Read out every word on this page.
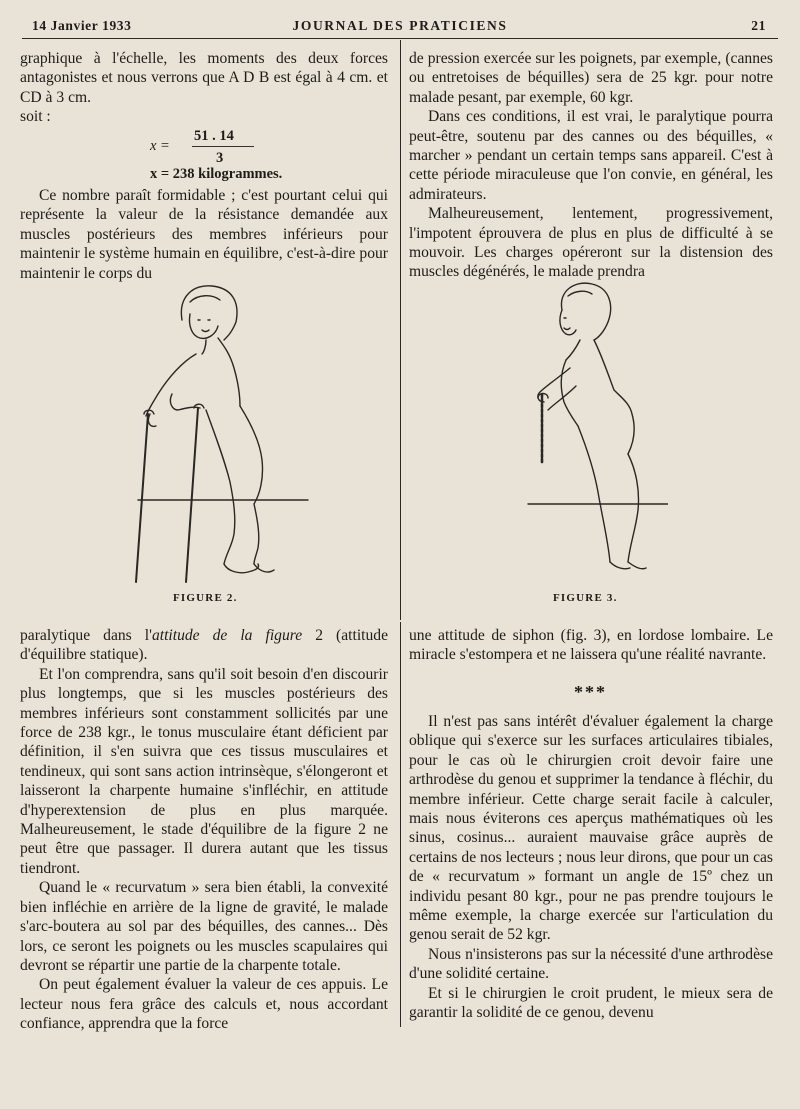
14 Janvier 1933	JOURNAL DES PRATICIENS	21

graphique à l'échelle, les moments des deux forces antagonistes et nous verrons que A D B est égal à 4 cm. et CD à 3 cm.

soit :

51 . 14
x =
3
x = 238 kilogrammes.

Ce nombre paraît formidable ; c'est pourtant celui qui représente la valeur de la résistance demandée aux muscles postérieurs des membres inférieurs pour maintenir le système humain en équilibre, c'est-à-dire pour maintenir le corps du

de pression exercée sur les poignets, par exemple, (cannes ou entretoises de béquilles) sera de 25 kgr. pour notre malade pesant, par exemple, 60 kgr.

Dans ces conditions, il est vrai, le paralytique pourra peut-être, soutenu par des cannes ou des béquilles, « marcher » pendant un certain temps sans appareil. C'est à cette période miraculeuse que l'on convie, en général, les admirateurs.

Malheureusement, lentement, progressivement, l'impotent éprouvera de plus en plus de difficulté à se mouvoir. Les charges opéreront sur la distension des muscles dégénérés, le malade prendra

FIGURE 2.	FIGURE 3.

paralytique dans l'attitude de la figure 2 (attitude d'équilibre statique).

Et l'on comprendra, sans qu'il soit besoin d'en discourir plus longtemps, que si les muscles postérieurs des membres inférieurs sont constamment sollicités par une force de 238 kgr., le tonus musculaire étant déficient par définition, il s'en suivra que ces tissus musculaires et tendineux, qui sont sans action intrinsèque, s'élongeront et laisseront la charpente humaine s'infléchir, en attitude d'hyperextension de plus en plus marquée. Malheureusement, le stade d'équilibre de la figure 2 ne peut être que passager. Il durera autant que les tissus tiendront.

Quand le « recurvatum » sera bien établi, la convexité bien infléchie en arrière de la ligne de gravité, le malade s'arc-boutera au sol par des béquilles, des cannes... Dès lors, ce seront les poignets ou les muscles scapulaires qui devront se répartir une partie de la charpente totale.

On peut également évaluer la valeur de ces appuis. Le lecteur nous fera grâce des calculs et, nous accordant confiance, apprendra que la force

une attitude de siphon (fig. 3), en lordose lombaire. Le miracle s'estompera et ne laissera qu'une réalité navrante.

***

Il n'est pas sans intérêt d'évaluer également la charge oblique qui s'exerce sur les surfaces articulaires tibiales, pour le cas où le chirurgien croit devoir faire une arthrodèse du genou et supprimer la tendance à fléchir, du membre inférieur. Cette charge serait facile à calculer, mais nous éviterons ces aperçus mathématiques où les sinus, cosinus... auraient mauvaise grâce auprès de certains de nos lecteurs ; nous leur dirons, que pour un cas de « recurvatum » formant un angle de 15º chez un individu pesant 80 kgr., pour ne pas prendre toujours le même exemple, la charge exercée sur l'articulation du genou serait de 52 kgr.

Nous n'insisterons pas sur la nécessité d'une arthrodèse d'une solidité certaine.

Et si le chirurgien le croit prudent, le mieux sera de garantir la solidité de ce genou, devenu
